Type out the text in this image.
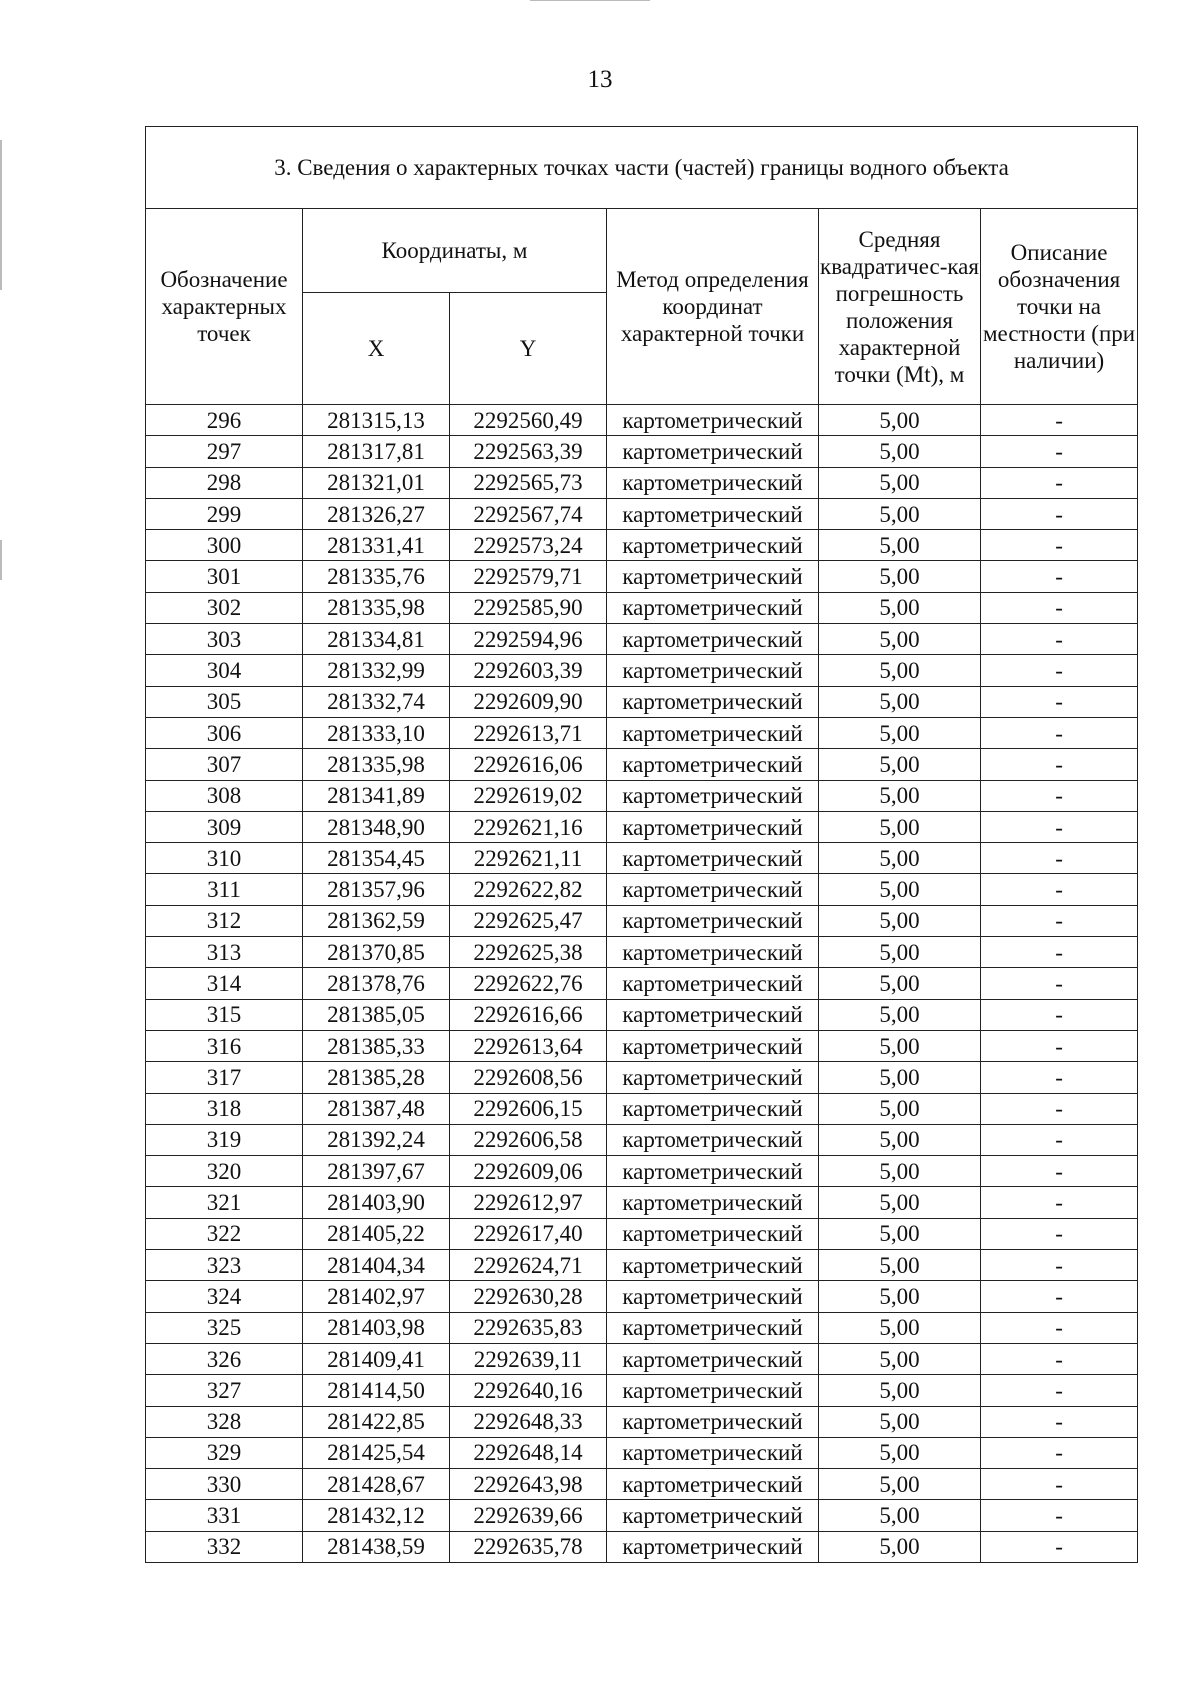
13
3. Сведения о характерных точках части (частей) границы водного объекта					
Обозначение характерных точек	Координаты, м		Метод определения координат характерной точки	Средняя квадратичес-кая погрешность положения характерной точки (Mt), м	Описание обозначения точки на местности (при наличии)
	X	Y			
296	281315,13	2292560,49	картометрический	5,00	-
297	281317,81	2292563,39	картометрический	5,00	-
298	281321,01	2292565,73	картометрический	5,00	-
299	281326,27	2292567,74	картометрический	5,00	-
300	281331,41	2292573,24	картометрический	5,00	-
301	281335,76	2292579,71	картометрический	5,00	-
302	281335,98	2292585,90	картометрический	5,00	-
303	281334,81	2292594,96	картометрический	5,00	-
304	281332,99	2292603,39	картометрический	5,00	-
305	281332,74	2292609,90	картометрический	5,00	-
306	281333,10	2292613,71	картометрический	5,00	-
307	281335,98	2292616,06	картометрический	5,00	-
308	281341,89	2292619,02	картометрический	5,00	-
309	281348,90	2292621,16	картометрический	5,00	-
310	281354,45	2292621,11	картометрический	5,00	-
311	281357,96	2292622,82	картометрический	5,00	-
312	281362,59	2292625,47	картометрический	5,00	-
313	281370,85	2292625,38	картометрический	5,00	-
314	281378,76	2292622,76	картометрический	5,00	-
315	281385,05	2292616,66	картометрический	5,00	-
316	281385,33	2292613,64	картометрический	5,00	-
317	281385,28	2292608,56	картометрический	5,00	-
318	281387,48	2292606,15	картометрический	5,00	-
319	281392,24	2292606,58	картометрический	5,00	-
320	281397,67	2292609,06	картометрический	5,00	-
321	281403,90	2292612,97	картометрический	5,00	-
322	281405,22	2292617,40	картометрический	5,00	-
323	281404,34	2292624,71	картометрический	5,00	-
324	281402,97	2292630,28	картометрический	5,00	-
325	281403,98	2292635,83	картометрический	5,00	-
326	281409,41	2292639,11	картометрический	5,00	-
327	281414,50	2292640,16	картометрический	5,00	-
328	281422,85	2292648,33	картометрический	5,00	-
329	281425,54	2292648,14	картометрический	5,00	-
330	281428,67	2292643,98	картометрический	5,00	-
331	281432,12	2292639,66	картометрический	5,00	-
332	281438,59	2292635,78	картометрический	5,00	-
